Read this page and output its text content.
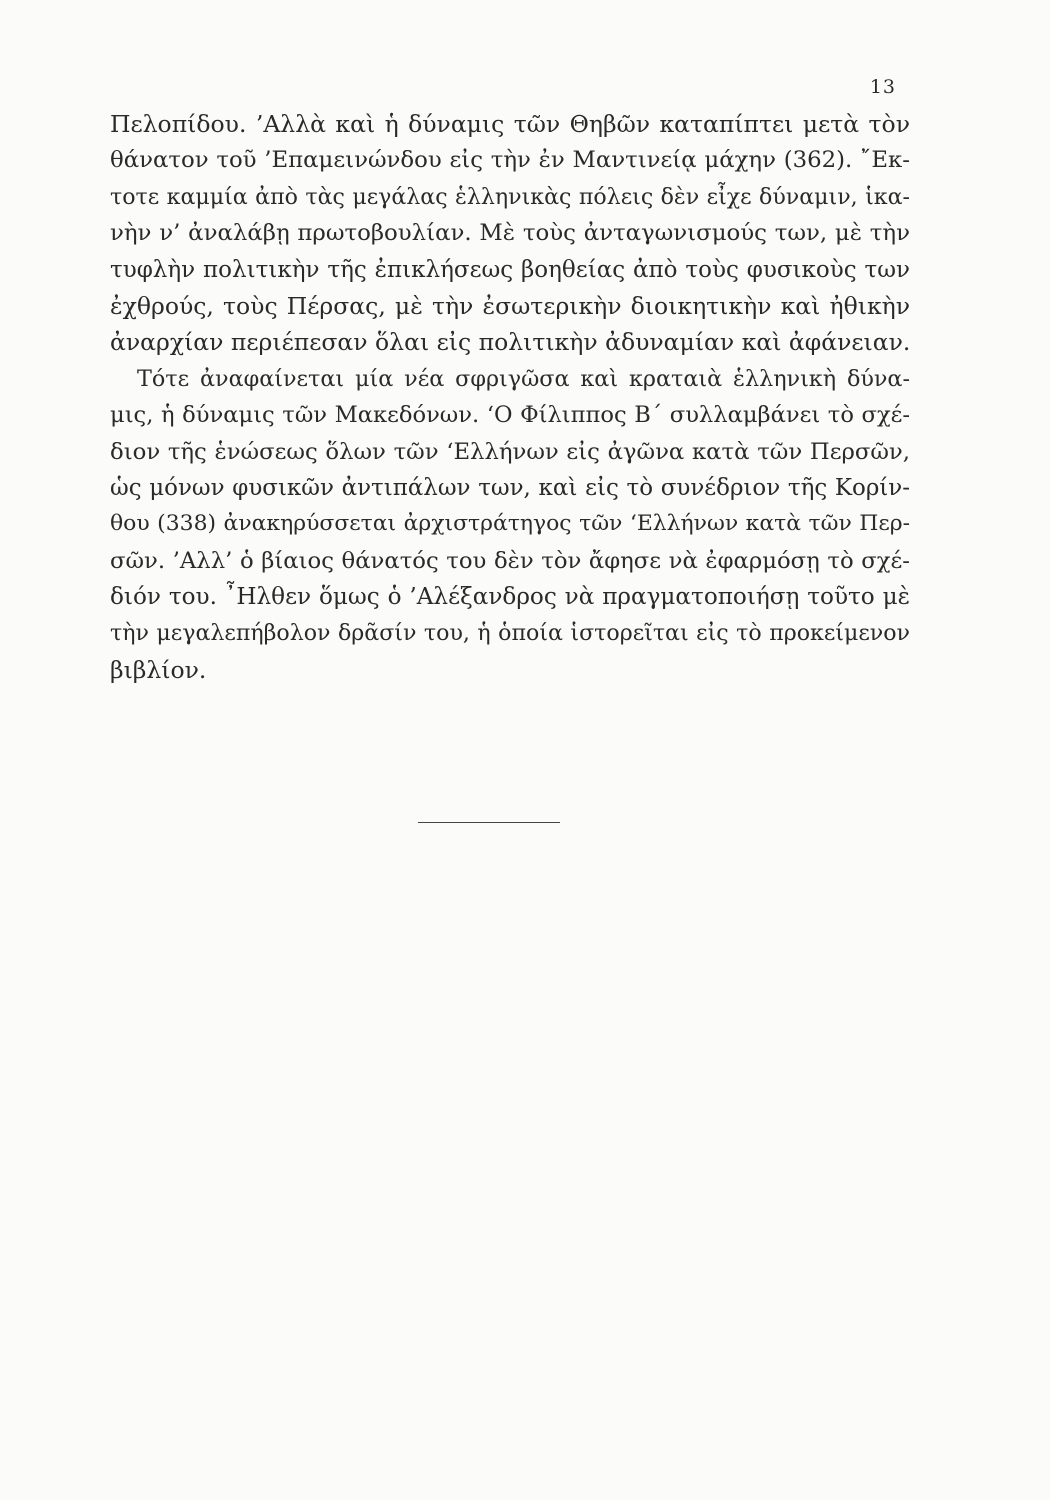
13
Πελοπίδου. ’Αλλὰ καὶ ἡ δύναμις τῶν Θηβῶν καταπίπτει μετὰ τὸν
θάνατον τοῦ ’Επαμεινώνδου εἰς τὴν ἐν Μαντινείᾳ μάχην (362). ῎Εκ-
τοτε καμμία ἀπὸ τὰς μεγάλας ἑλληνικὰς πόλεις δὲν εἶχε δύναμιν, ἱκα-
νὴν ν’ ἀναλάβῃ πρωτοβουλίαν. Μὲ τοὺς ἀνταγωνισμούς των, μὲ τὴν
τυφλὴν πολιτικὴν τῆς ἐπικλήσεως βοηθείας ἀπὸ τοὺς φυσικοὺς των
ἐχθρούς, τοὺς Πέρσας, μὲ τὴν ἐσωτερικὴν διοικητικὴν καὶ ἠθικὴν
ἀναρχίαν περιέπεσαν ὅλαι εἰς πολιτικὴν ἀδυναμίαν καὶ ἀφάνειαν.
Τότε ἀναφαίνεται μία νέα σφριγῶσα καὶ κραταιὰ ἑλληνικὴ δύνα-
μις, ἡ δύναμις τῶν Μακεδόνων. ‘Ο Φίλιππος Β΄ συλλαμβάνει τὸ σχέ-
διον τῆς ἑνώσεως ὅλων τῶν ‘Ελλήνων εἰς ἀγῶνα κατὰ τῶν Περσῶν,
ὡς μόνων φυσικῶν ἀντιπάλων των, καὶ εἰς τὸ συνέδριον τῆς Κορίν-
θου (338) ἀνακηρύσσεται ἀρχιστράτηγος τῶν ‘Ελλήνων κατὰ τῶν Περ-
σῶν. ’Αλλ’ ὁ βίαιος θάνατός του δὲν τὸν ἄφησε νὰ ἐφαρμόσῃ τὸ σχέ-
διόν του. ῏Ηλθεν ὅμως ὁ ’Αλέξανδρος νὰ πραγματοποιήσῃ τοῦτο μὲ
τὴν μεγαλεπήβολον δρᾶσίν του, ἡ ὁποία ἱστορεῖται εἰς τὸ προκείμενον
βιβλίον.
